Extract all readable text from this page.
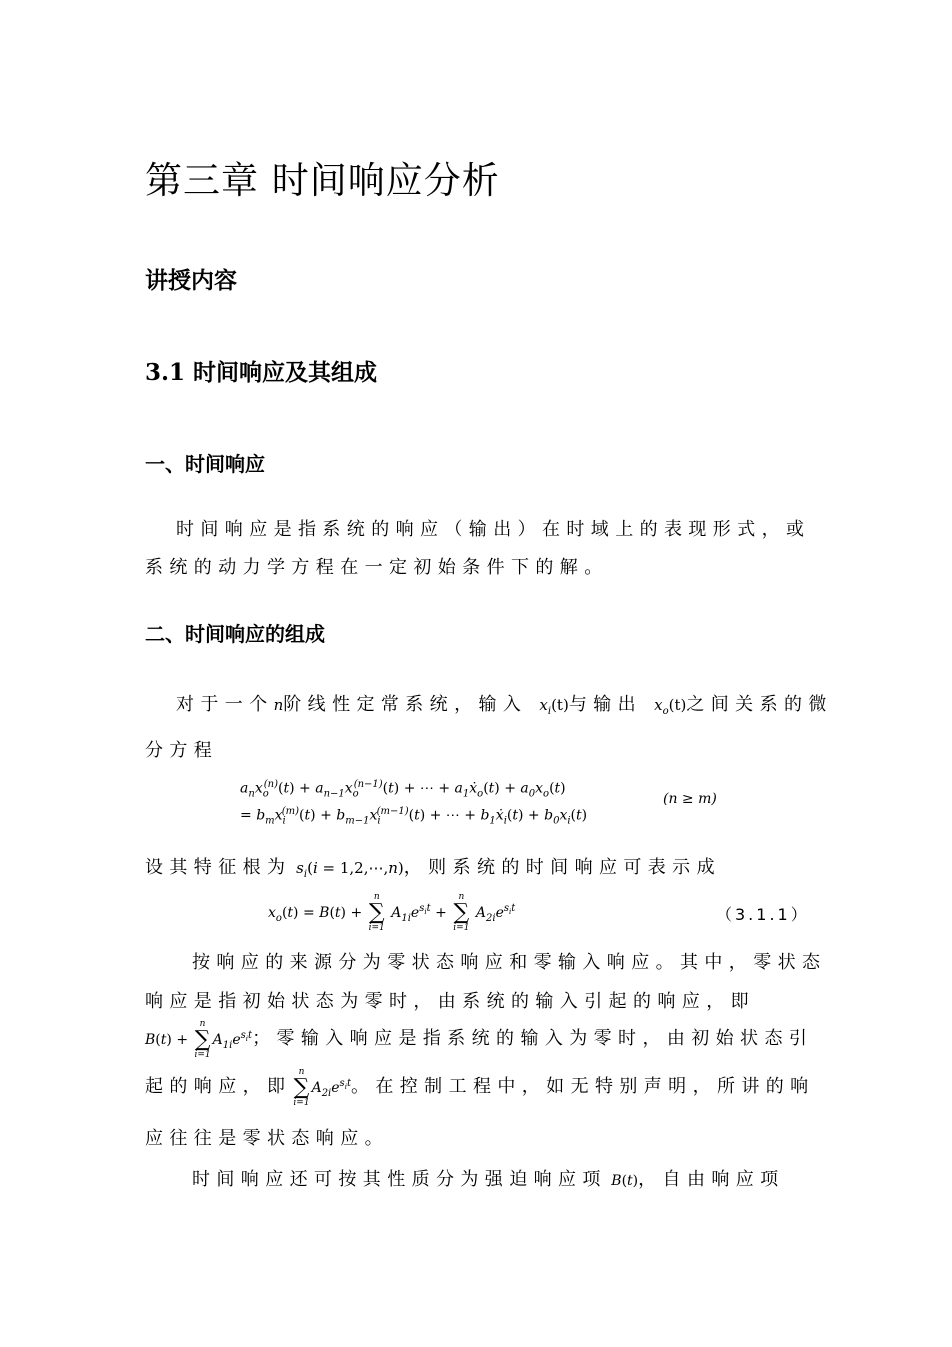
第三章 时间响应分析
讲授内容
3.1 时间响应及其组成
一、时间响应
时间响应是指系统的响应（输出）在时域上的表现形式，或
系统的动力学方程在一定初始条件下的解。
二、时间响应的组成
对于一个n阶线性定常系统，输入 $x_i(t)$与输出 $x_o(t)$之间关系的微
分方程
$a_nx_o^{(n)}(t) + a_{n-1}x_o^{(n-1)}(t)$ + ⋯ + $a_1ẋ_o(t) + a_0x_o(t)$
= $b_mx_i^{(m)}(t) + b_{m-1}x_i^{(m-1)}(t)$ + ⋯ + $b_1ẋ_i(t) + b_0x_i(t)$
(n ≥ m)
设其特征根为 $s_i(i$ = 1,2,⋯,n)，则系统的时间响应可表示成
$x_o(t) = B(t)$ +
n
∑
i=1
$A_{1i}e^{s_it}$ +
n
∑
i=1
$A_{2i}e^{s_it}$	（3.1.1）
按响应的来源分为零状态响应和零输入响应。其中，零状态
响应是指初始状态为零时，由系统的输入引起的响应，即
B(t) +
n
∑
i=1
$A_{1i}e^{s_it}$；零输入响应是指系统的输入为零时，由初始状态引
起的响应，即
n
∑
i=1
$A_{2i}e^{s_it}$。在控制工程中，如无特别声明，所讲的响
应往往是零状态响应。
时间响应还可按其性质分为强迫响应项 B(t)，自由响应项
